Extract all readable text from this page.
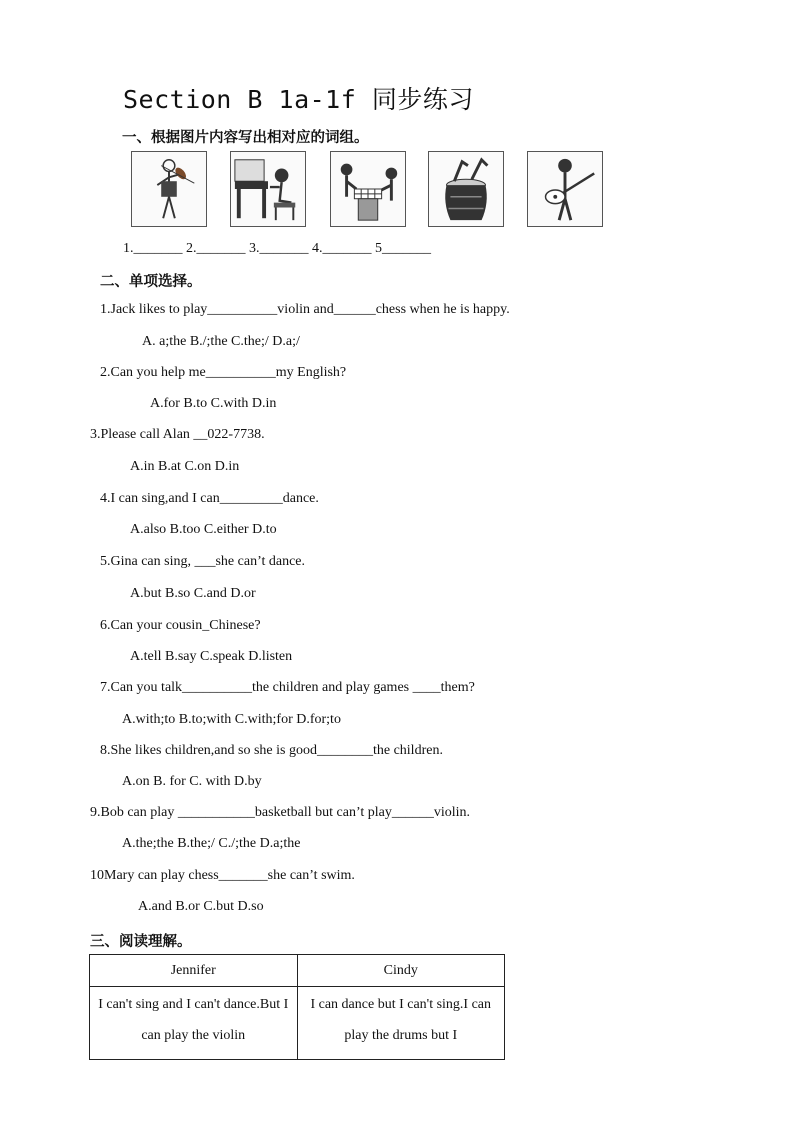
Section B 1a-1f 同步练习
一、根据图片内容写出相对应的词组。
1._______ 2._______ 3._______ 4._______ 5_______
二、单项选择。
1.Jack likes to play__________violin and______chess when he is happy.
A. a;the B./;the C.the;/ D.a;/
2.Can you help me__________my English?
A.for B.to C.with D.in
3.Please call Alan __022-7738.
A.in B.at C.on D.in
4.I can sing,and I can_________dance.
A.also B.too C.either D.to
5.Gina can sing, ___she can’t dance.
A.but B.so C.and D.or
6.Can your cousin_Chinese?
A.tell B.say C.speak D.listen
7.Can you talk__________the children and play games ____them?
A.with;to B.to;with C.with;for D.for;to
8.She likes children,and so she is good________the children.
A.on B. for C. with D.by
9.Bob can play ___________basketball but can’t play______violin.
A.the;the B.the;/ C./;the D.a;the
10Mary can play chess_______she can’t swim.
A.and B.or C.but D.so
三、阅读理解。
Jennifer	Cindy
I can't sing and I can't dance.But I can play the violin	I can dance but I can't sing.I can play the drums but I
